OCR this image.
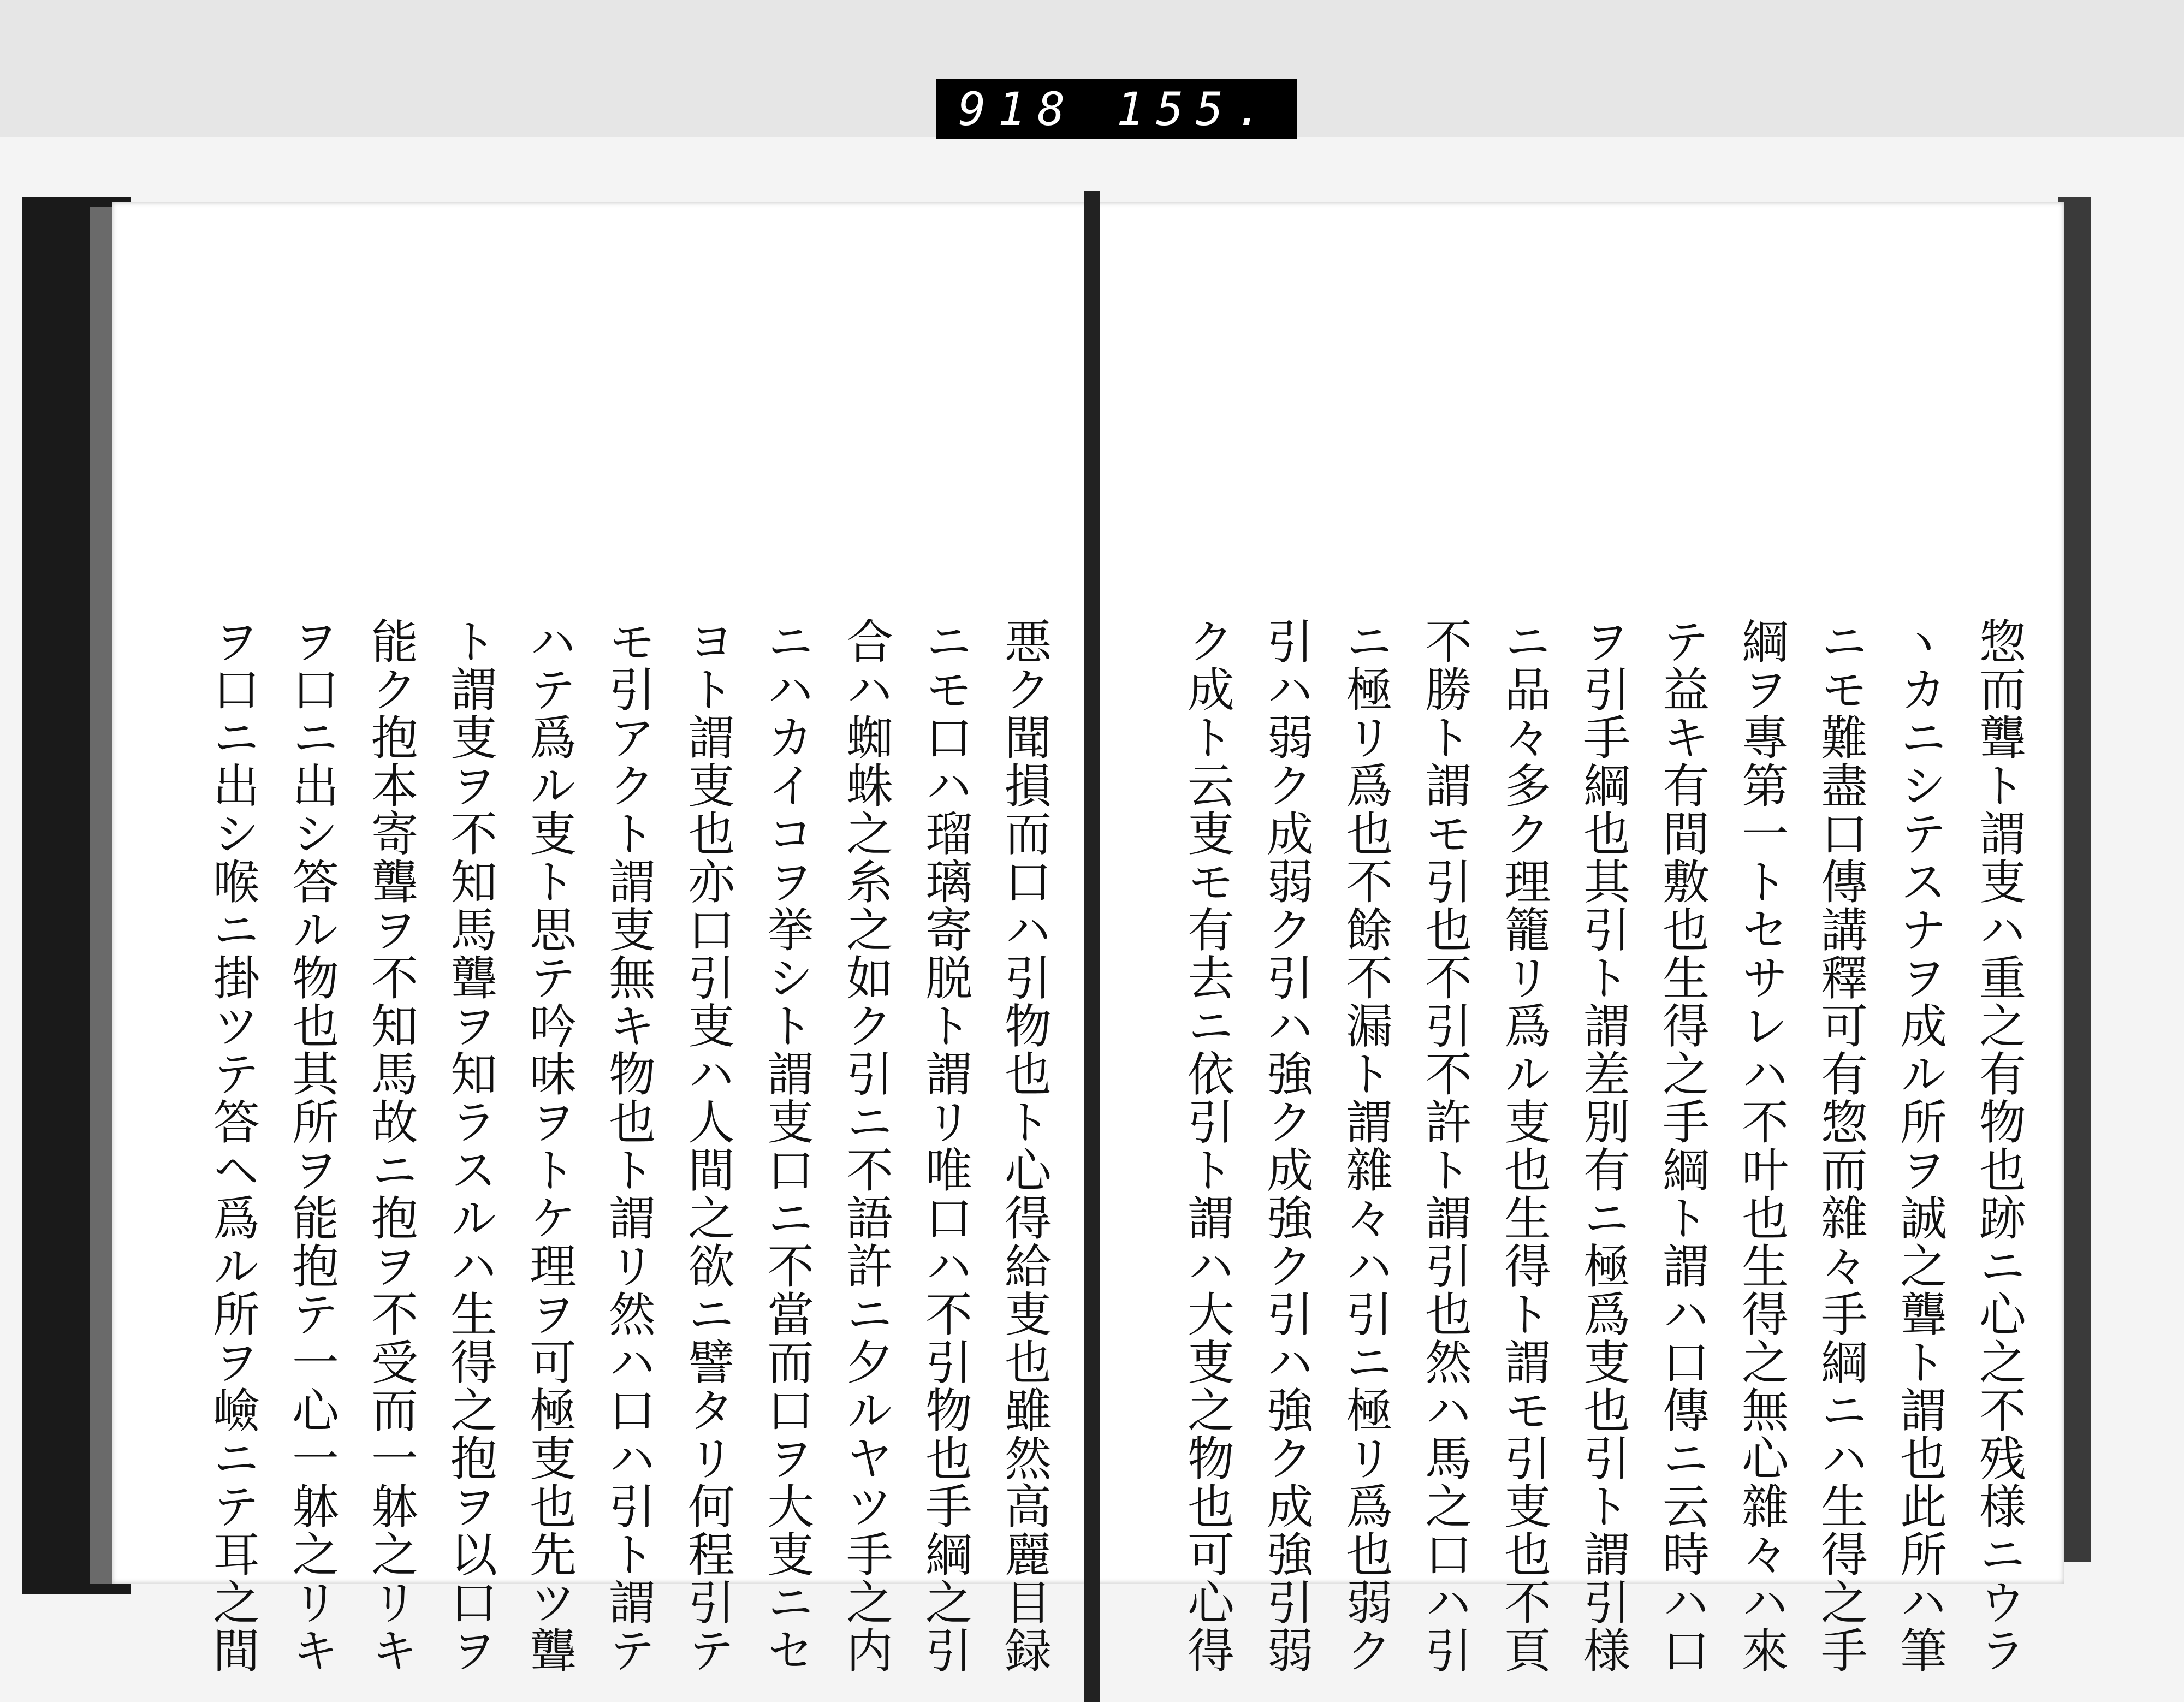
918 155.
悪ク聞損而口ハ引物也ト心得給叓也雖然高麗目録
ニモ口ハ瑠璃寄脱ト謂リ唯口ハ不引物也手綱之引
合ハ蜘蛛之糸之如ク引ニ不語許ニ夕ルヤツ手之内
ニハカイコヲ挙シト謂叓口ニ不當而口ヲ大叓ニセ
ヨト謂叓也亦口引叓ハ人間之欲ニ譬タリ何程引テ
モ引アクト謂叓無キ物也ト謂リ然ハ口ハ引ト謂テ
ハテ爲ル叓ト思テ吟味ヲトケ理ヲ可極叓也先ツ聾
ト謂叓ヲ不知馬聾ヲ知ラスルハ生得之抱ヲ以口ヲ
能ク抱本寄聾ヲ不知馬故ニ抱ヲ不受而一躰之リキ
ヲ口ニ出シ答ル物也其所ヲ能抱テ一心一躰之リキ
ヲ口ニ出シ喉ニ掛ツテ答ヘ爲ル所ヲ嶮ニテ耳之間	惣而聾ト謂叓ハ重之有物也跡ニ心之不残様ニウラ
ヽカニシテスナヲ成ル所ヲ誠之聾ト謂也此所ハ筆
ニモ難盡口傳講釋可有惣而雜々手綱ニハ生得之手
綱ヲ專第一トセサレハ不叶也生得之無心雜々ハ來
テ益キ有間敷也生得之手綱ト謂ハ口傳ニ云時ハ口
ヲ引手綱也其引ト謂差別有ニ極爲叓也引ト謂引様
ニ品々多ク理籠リ爲ル叓也生得ト謂モ引叓也不頁
不勝ト謂モ引也不引不許ト謂引也然ハ馬之口ハ引
ニ極リ爲也不餘不漏ト謂雜々ハ引ニ極リ爲也弱ク
引ハ弱ク成弱ク引ハ強ク成強ク引ハ強ク成強引弱
ク成ト云叓モ有去ニ依引ト謂ハ大叓之物也可心得
